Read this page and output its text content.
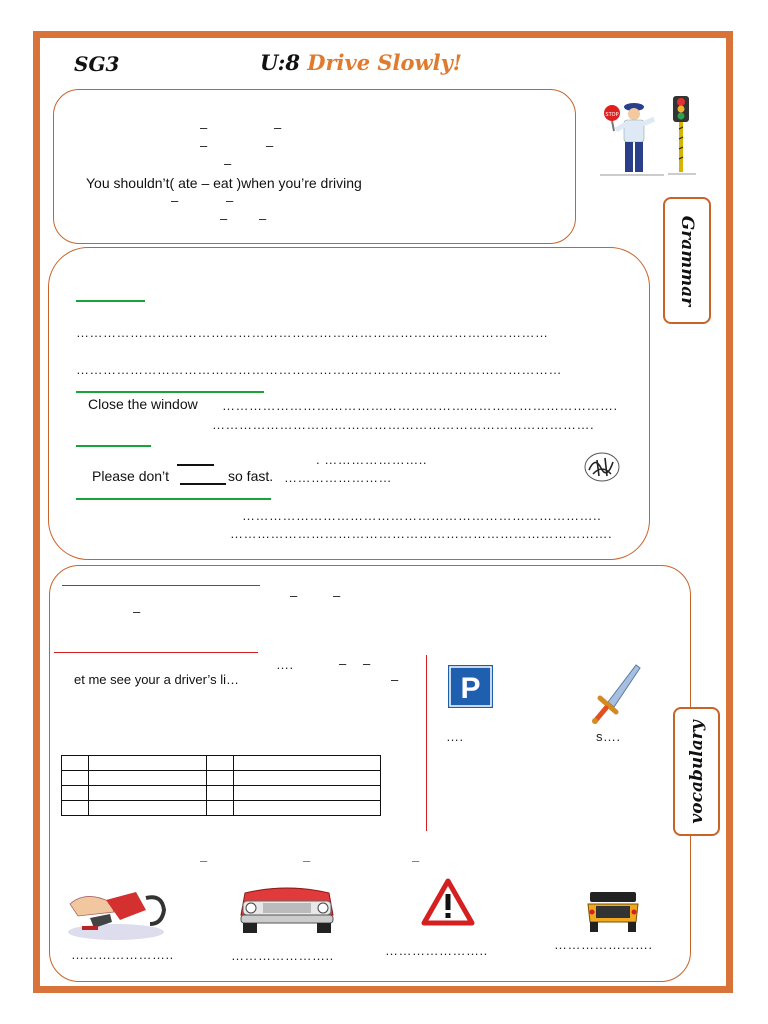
SG3	U:8 Drive Slowly!
–	–
–	–
–
You shouldn’t( ate – eat )when you’re driving
–	–
– –
STOP
Grammar
……………………………………………………………………………………………
………………………………………………………………………………………………
Close the window …………………………………………………………………………….
………………………………………………………………………….
. …………………..
Please don’t	so fast. ……………………
……………………………………………………………………..
………………………………………………………………………….
–	–
–
….	– –
et me see your a driver’s li…	–

			P
….	s….	vocabulary
–	–	–
…………………..	…………………..	…………………..	………………….
